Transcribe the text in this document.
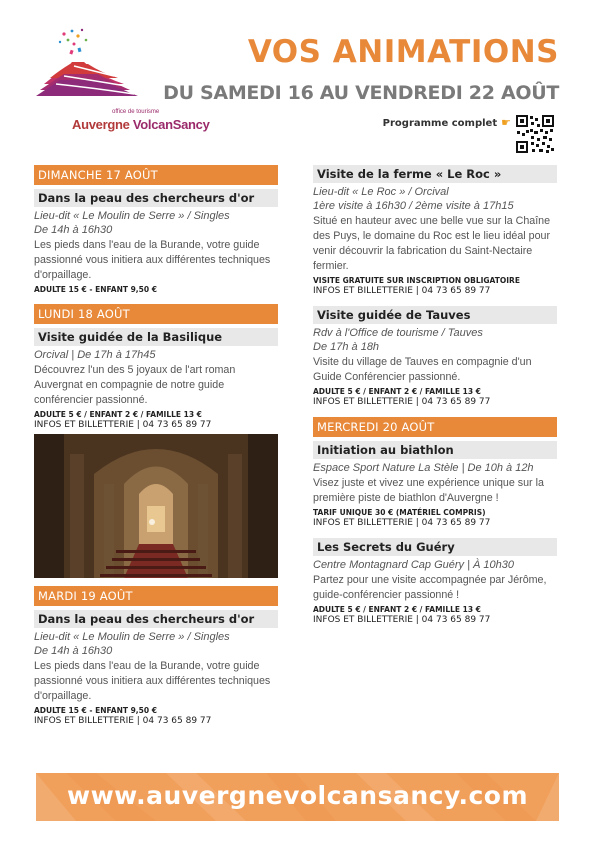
office de tourisme
Auvergne VolcanSancy
VOS ANIMATIONS
DU SAMEDI 16 AU VENDREDI 22 AOÛT
Programme complet ☛
DIMANCHE 17 AOÛT
Dans la peau des chercheurs d'or
Lieu-dit « Le Moulin de Serre » / Singles
De 14h à 16h30
Les pieds dans l'eau de la Burande, votre guide passionné vous initiera aux différentes techniques d'orpaillage.
ADULTE 15 € - ENFANT 9,50 €
LUNDI 18 AOÛT
Visite guidée de la Basilique
Orcival | De 17h à 17h45
Découvrez l'un des 5 joyaux de l'art roman Auvergnat en compagnie de notre guide conférencier passionné.
ADULTE 5 € / ENFANT 2 € / FAMILLE 13 €
INFOS ET BILLETTERIE | 04 73 65 89 77
MARDI 19 AOÛT
Dans la peau des chercheurs d'or
Lieu-dit « Le Moulin de Serre » / Singles
De 14h à 16h30
Les pieds dans l'eau de la Burande, votre guide passionné vous initiera aux différentes techniques d'orpaillage.
ADULTE 15 € - ENFANT 9,50 €
INFOS ET BILLETTERIE | 04 73 65 89 77
Visite de la ferme « Le Roc »
Lieu-dit « Le Roc » / Orcival
1ère visite à 16h30 / 2ème visite à 17h15
Situé en hauteur avec une belle vue sur la Chaîne des Puys, le domaine du Roc est le lieu idéal pour venir découvrir la fabrication du Saint-Nectaire fermier.
VISITE GRATUITE SUR INSCRIPTION OBLIGATOIRE
INFOS ET BILLETTERIE | 04 73 65 89 77
Visite guidée de Tauves
Rdv à l'Office de tourisme / Tauves
De 17h à 18h
Visite du village de Tauves en compagnie d'un Guide Conférencier passionné.
ADULTE 5 € / ENFANT 2 € / FAMILLE 13 €
INFOS ET BILLETTERIE | 04 73 65 89 77
MERCREDI 20 AOÛT
Initiation au biathlon
Espace Sport Nature La Stèle | De 10h à 12h
Visez juste et vivez une expérience unique sur la première piste de biathlon d'Auvergne !
TARIF UNIQUE 30 € (MATÉRIEL COMPRIS)
INFOS ET BILLETTERIE | 04 73 65 89 77
Les Secrets du Guéry
Centre Montagnard Cap Guéry | À 10h30
Partez pour une visite accompagnée par Jérôme, guide-conférencier passionné !
ADULTE 5 € / ENFANT 2 € / FAMILLE 13 €
INFOS ET BILLETTERIE | 04 73 65 89 77
www.auvergnevolcansancy.com
